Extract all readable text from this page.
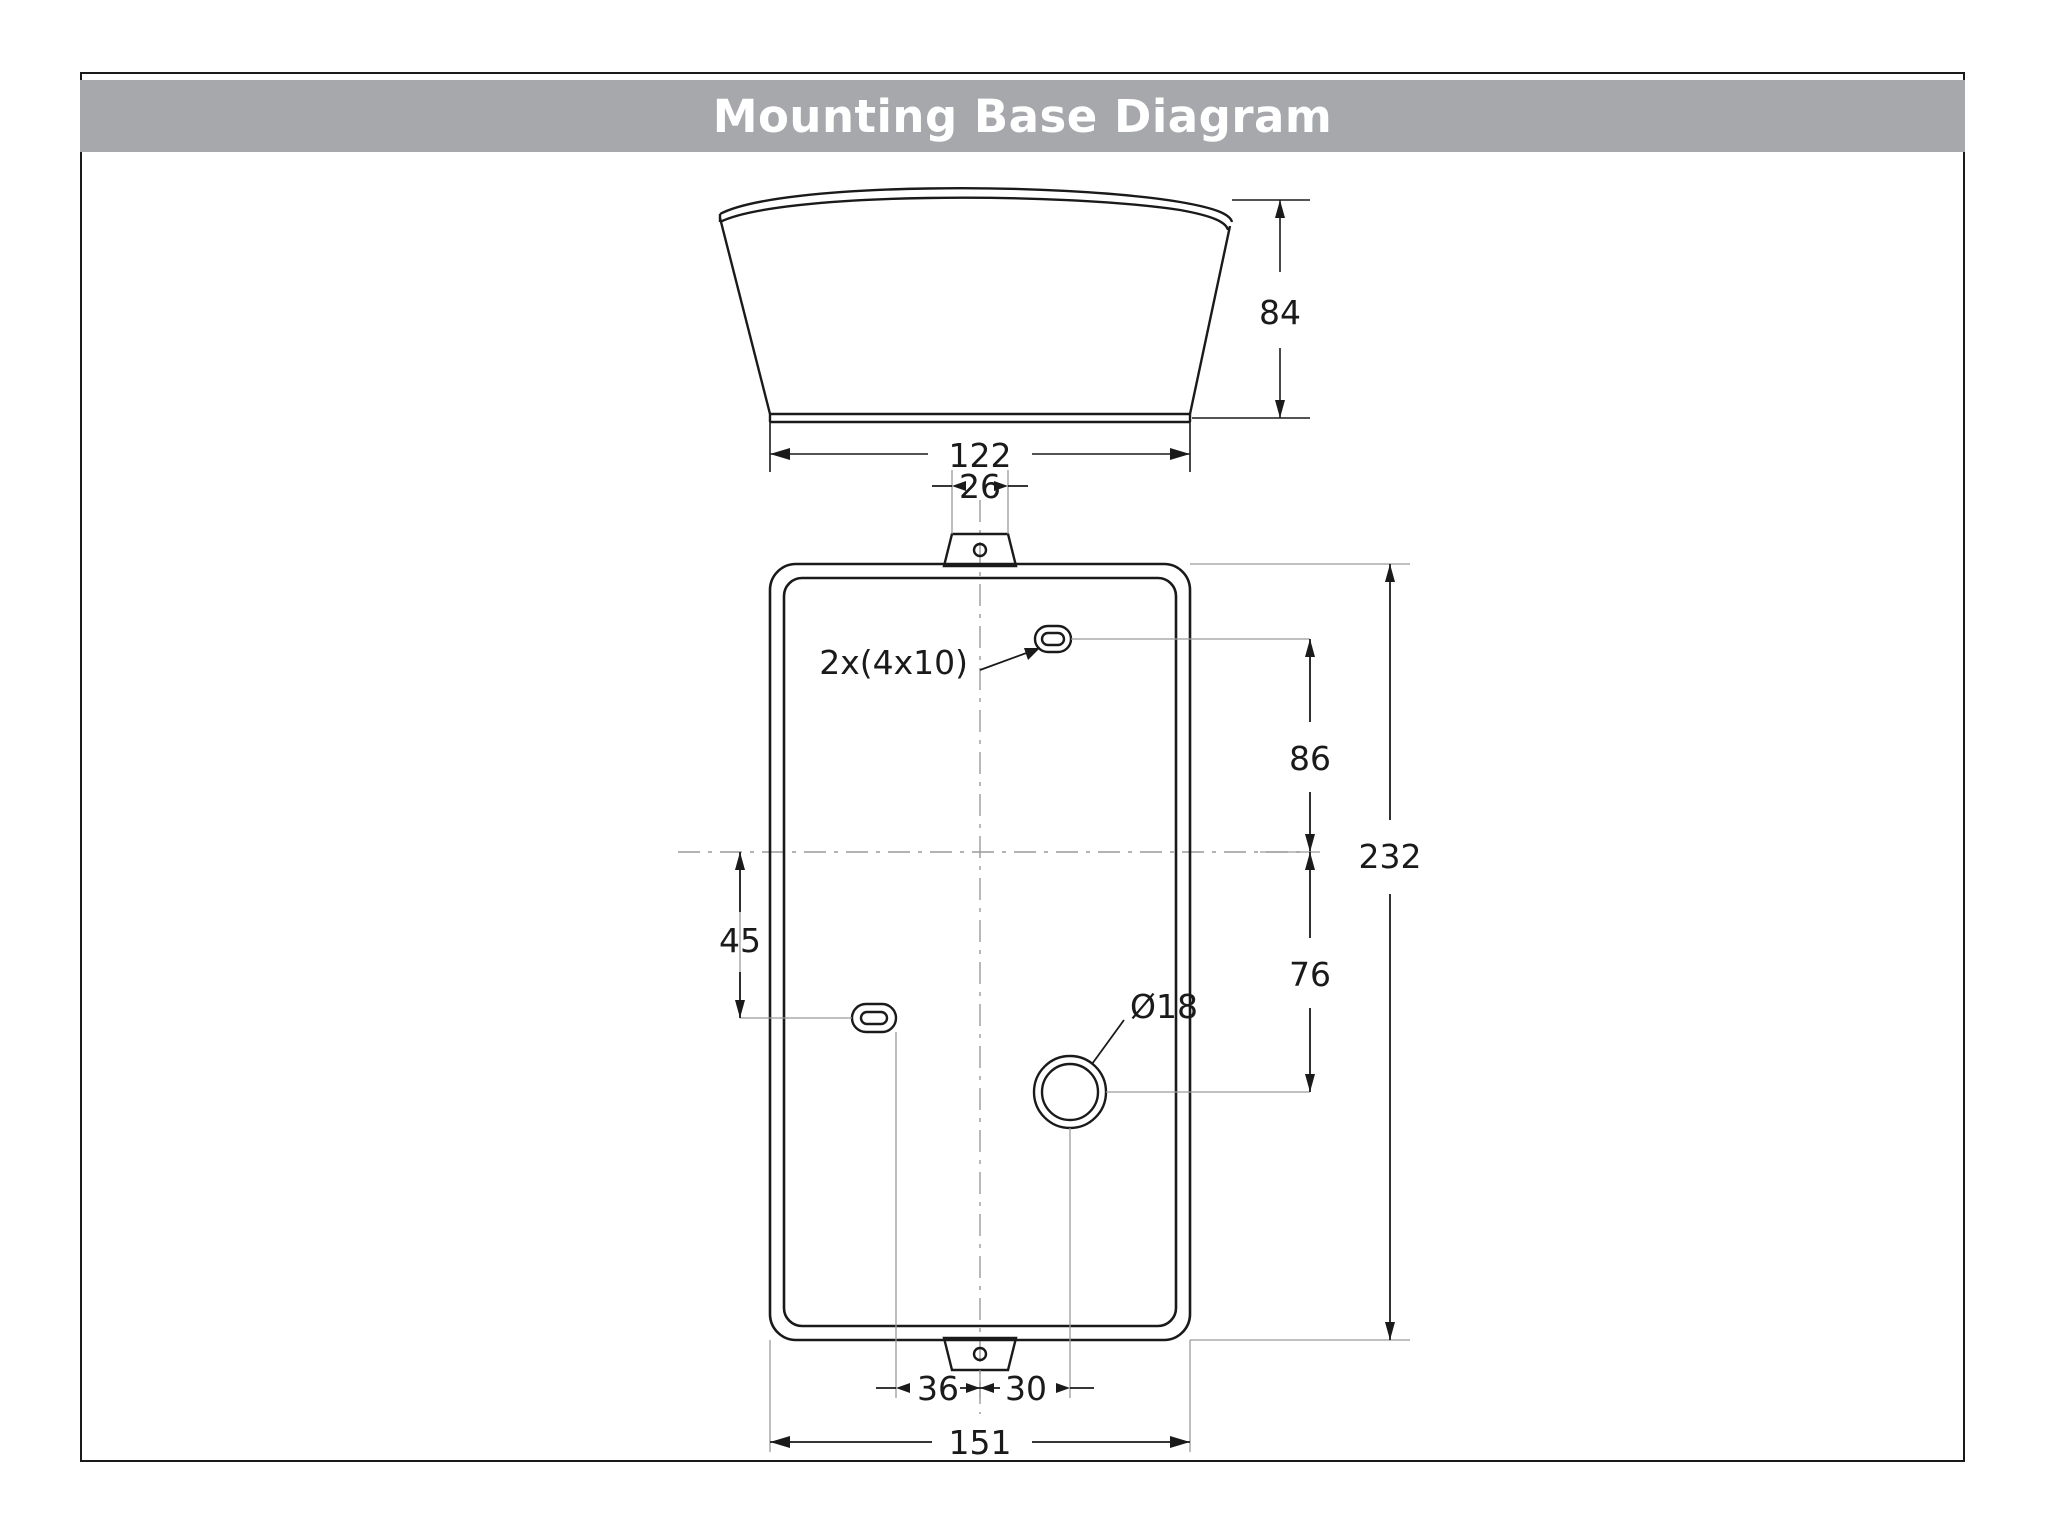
Mounting Base Diagram
84
122
2x(4x10)
Ø18
26
86
76
232
45
36 30
151
